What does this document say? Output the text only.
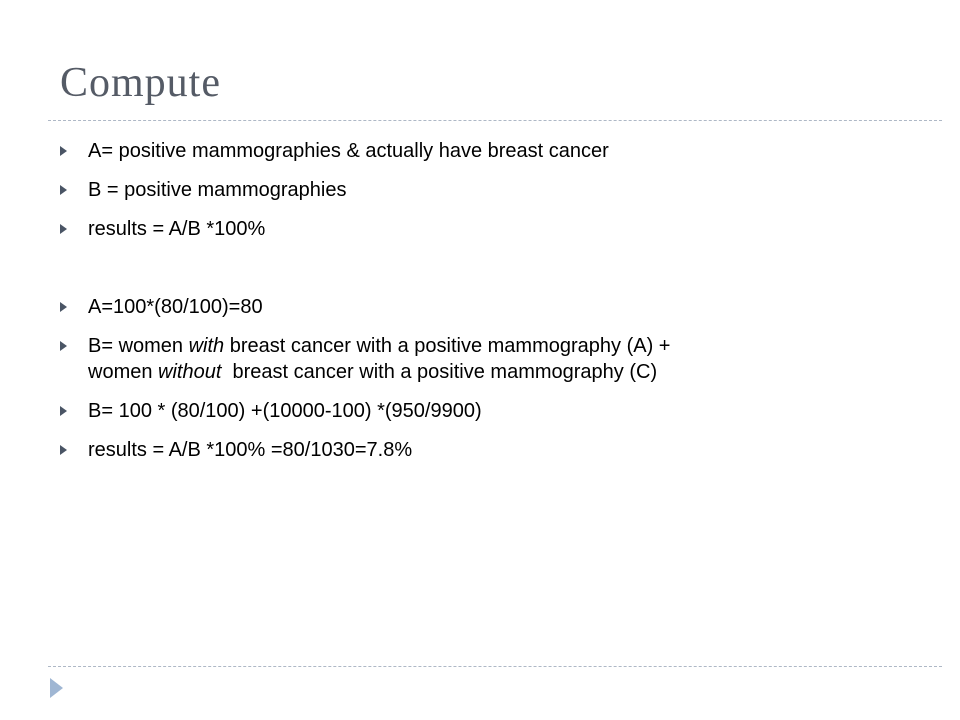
Compute
A= positive mammographies & actually have breast cancer
B = positive mammographies
results = A/B *100%
A=100*(80/100)=80
B= women with breast cancer with a positive mammography (A) +
women without  breast cancer with a positive mammography (C)
B= 100 * (80/100) +(10000-100) *(950/9900)
results = A/B *100% =80/1030=7.8%
